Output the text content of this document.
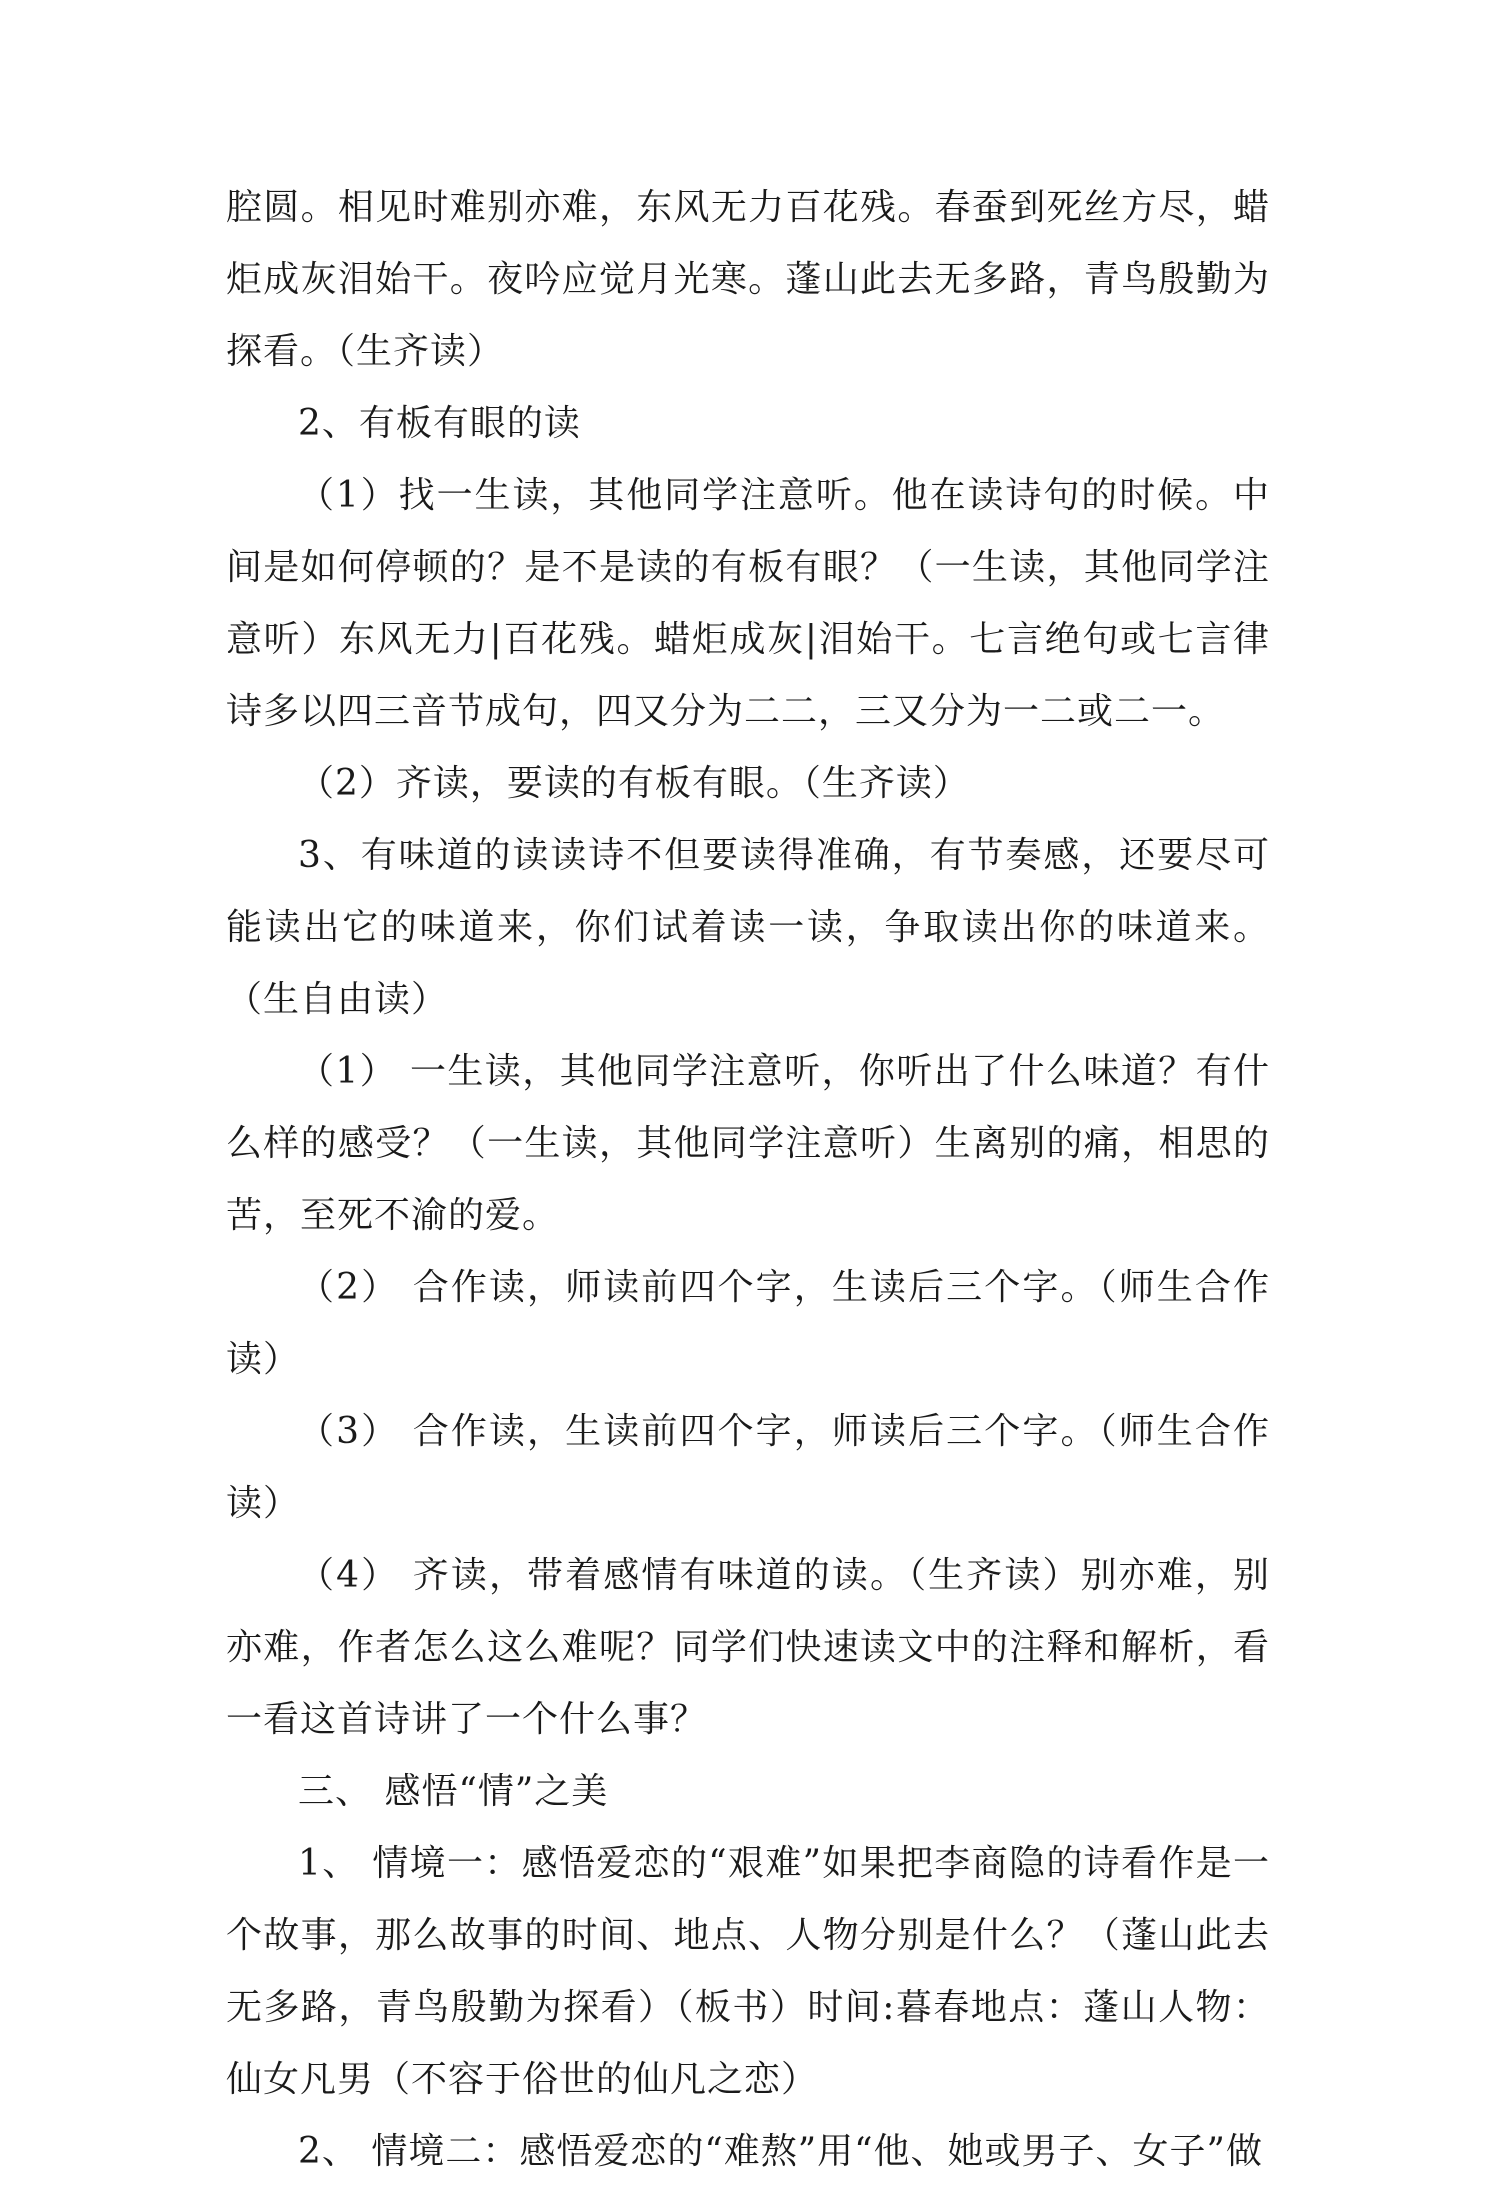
腔圆。相见时难别亦难，东风无力百花残。春蚕到死丝方尽，蜡炬成灰泪始干。夜吟应觉月光寒。蓬山此去无多路，青鸟殷勤为探看。（生齐读）

2、有板有眼的读

（1）找一生读，其他同学注意听。他在读诗句的时候。中间是如何停顿的？是不是读的有板有眼？（一生读，其他同学注意听）东风无力|百花残。蜡炬成灰|泪始干。七言绝句或七言律诗多以四三音节成句，四又分为二二，三又分为一二或二一。

（2）齐读，要读的有板有眼。（生齐读）

3、有味道的读读诗不但要读得准确，有节奏感，还要尽可能读出它的味道来，你们试着读一读，争取读出你的味道来。（生自由读）

（1） 一生读，其他同学注意听，你听出了什么味道？有什么样的感受？（一生读，其他同学注意听）生离别的痛，相思的苦，至死不渝的爱。

（2） 合作读，师读前四个字，生读后三个字。（师生合作读）

（3） 合作读，生读前四个字，师读后三个字。（师生合作读）

（4） 齐读，带着感情有味道的读。（生齐读）别亦难，别亦难，作者怎么这么难呢？同学们快速读文中的注释和解析，看一看这首诗讲了一个什么事？

三、 感悟“情”之美

1、 情境一：感悟爱恋的“艰难”如果把李商隐的诗看作是一个故事，那么故事的时间、地点、人物分别是什么？（蓬山此去无多路，青鸟殷勤为探看）（板书）时间:暮春地点：蓬山人物：仙女凡男（不容于俗世的仙凡之恋）

2、 情境二：感悟爱恋的“难熬”用“他、她或男子、女子”做
